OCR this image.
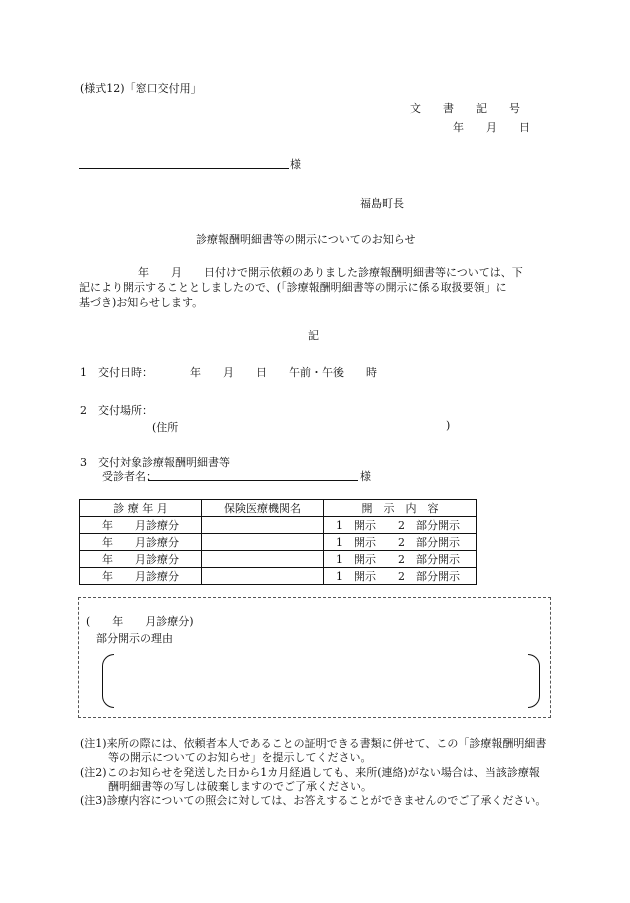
(様式12)「窓口交付用」
文　　書　　記　　号
年　　月　　日
様
福島町長
診療報酬明細書等の開示についてのお知らせ
年　　月　　日付けで開示依頼のありました診療報酬明細書等については、下
記により開示することとしましたので、(「診療報酬明細書等の開示に係る取扱要領」に
基づき)お知らせします。
記
1　交付日時：	年　　月　　日　　午前・午後　　時
2　交付場所：
(住所	)
3　交付対象診療報酬明細書等
受診者名：	様
診 療 年 月	保険医療機関名	開　示　内　容
年　　月診療分		1　開示　　2　部分開示
年　　月診療分		1　開示　　2　部分開示
年　　月診療分		1　開示　　2　部分開示
年　　月診療分		1　開示　　2　部分開示
(　　年　　月診療分)
部分開示の理由
(注1)来所の際には、依頼者本人であることの証明できる書類に併せて、この「診療報酬明細書等の開示についてのお知らせ」を提示してください。
(注2)このお知らせを発送した日から1カ月経過しても、来所(連絡)がない場合は、当該診療報酬明細書等の写しは破棄しますのでご了承ください。
(注3)診療内容についての照会に対しては、お答えすることができませんのでご了承ください。
